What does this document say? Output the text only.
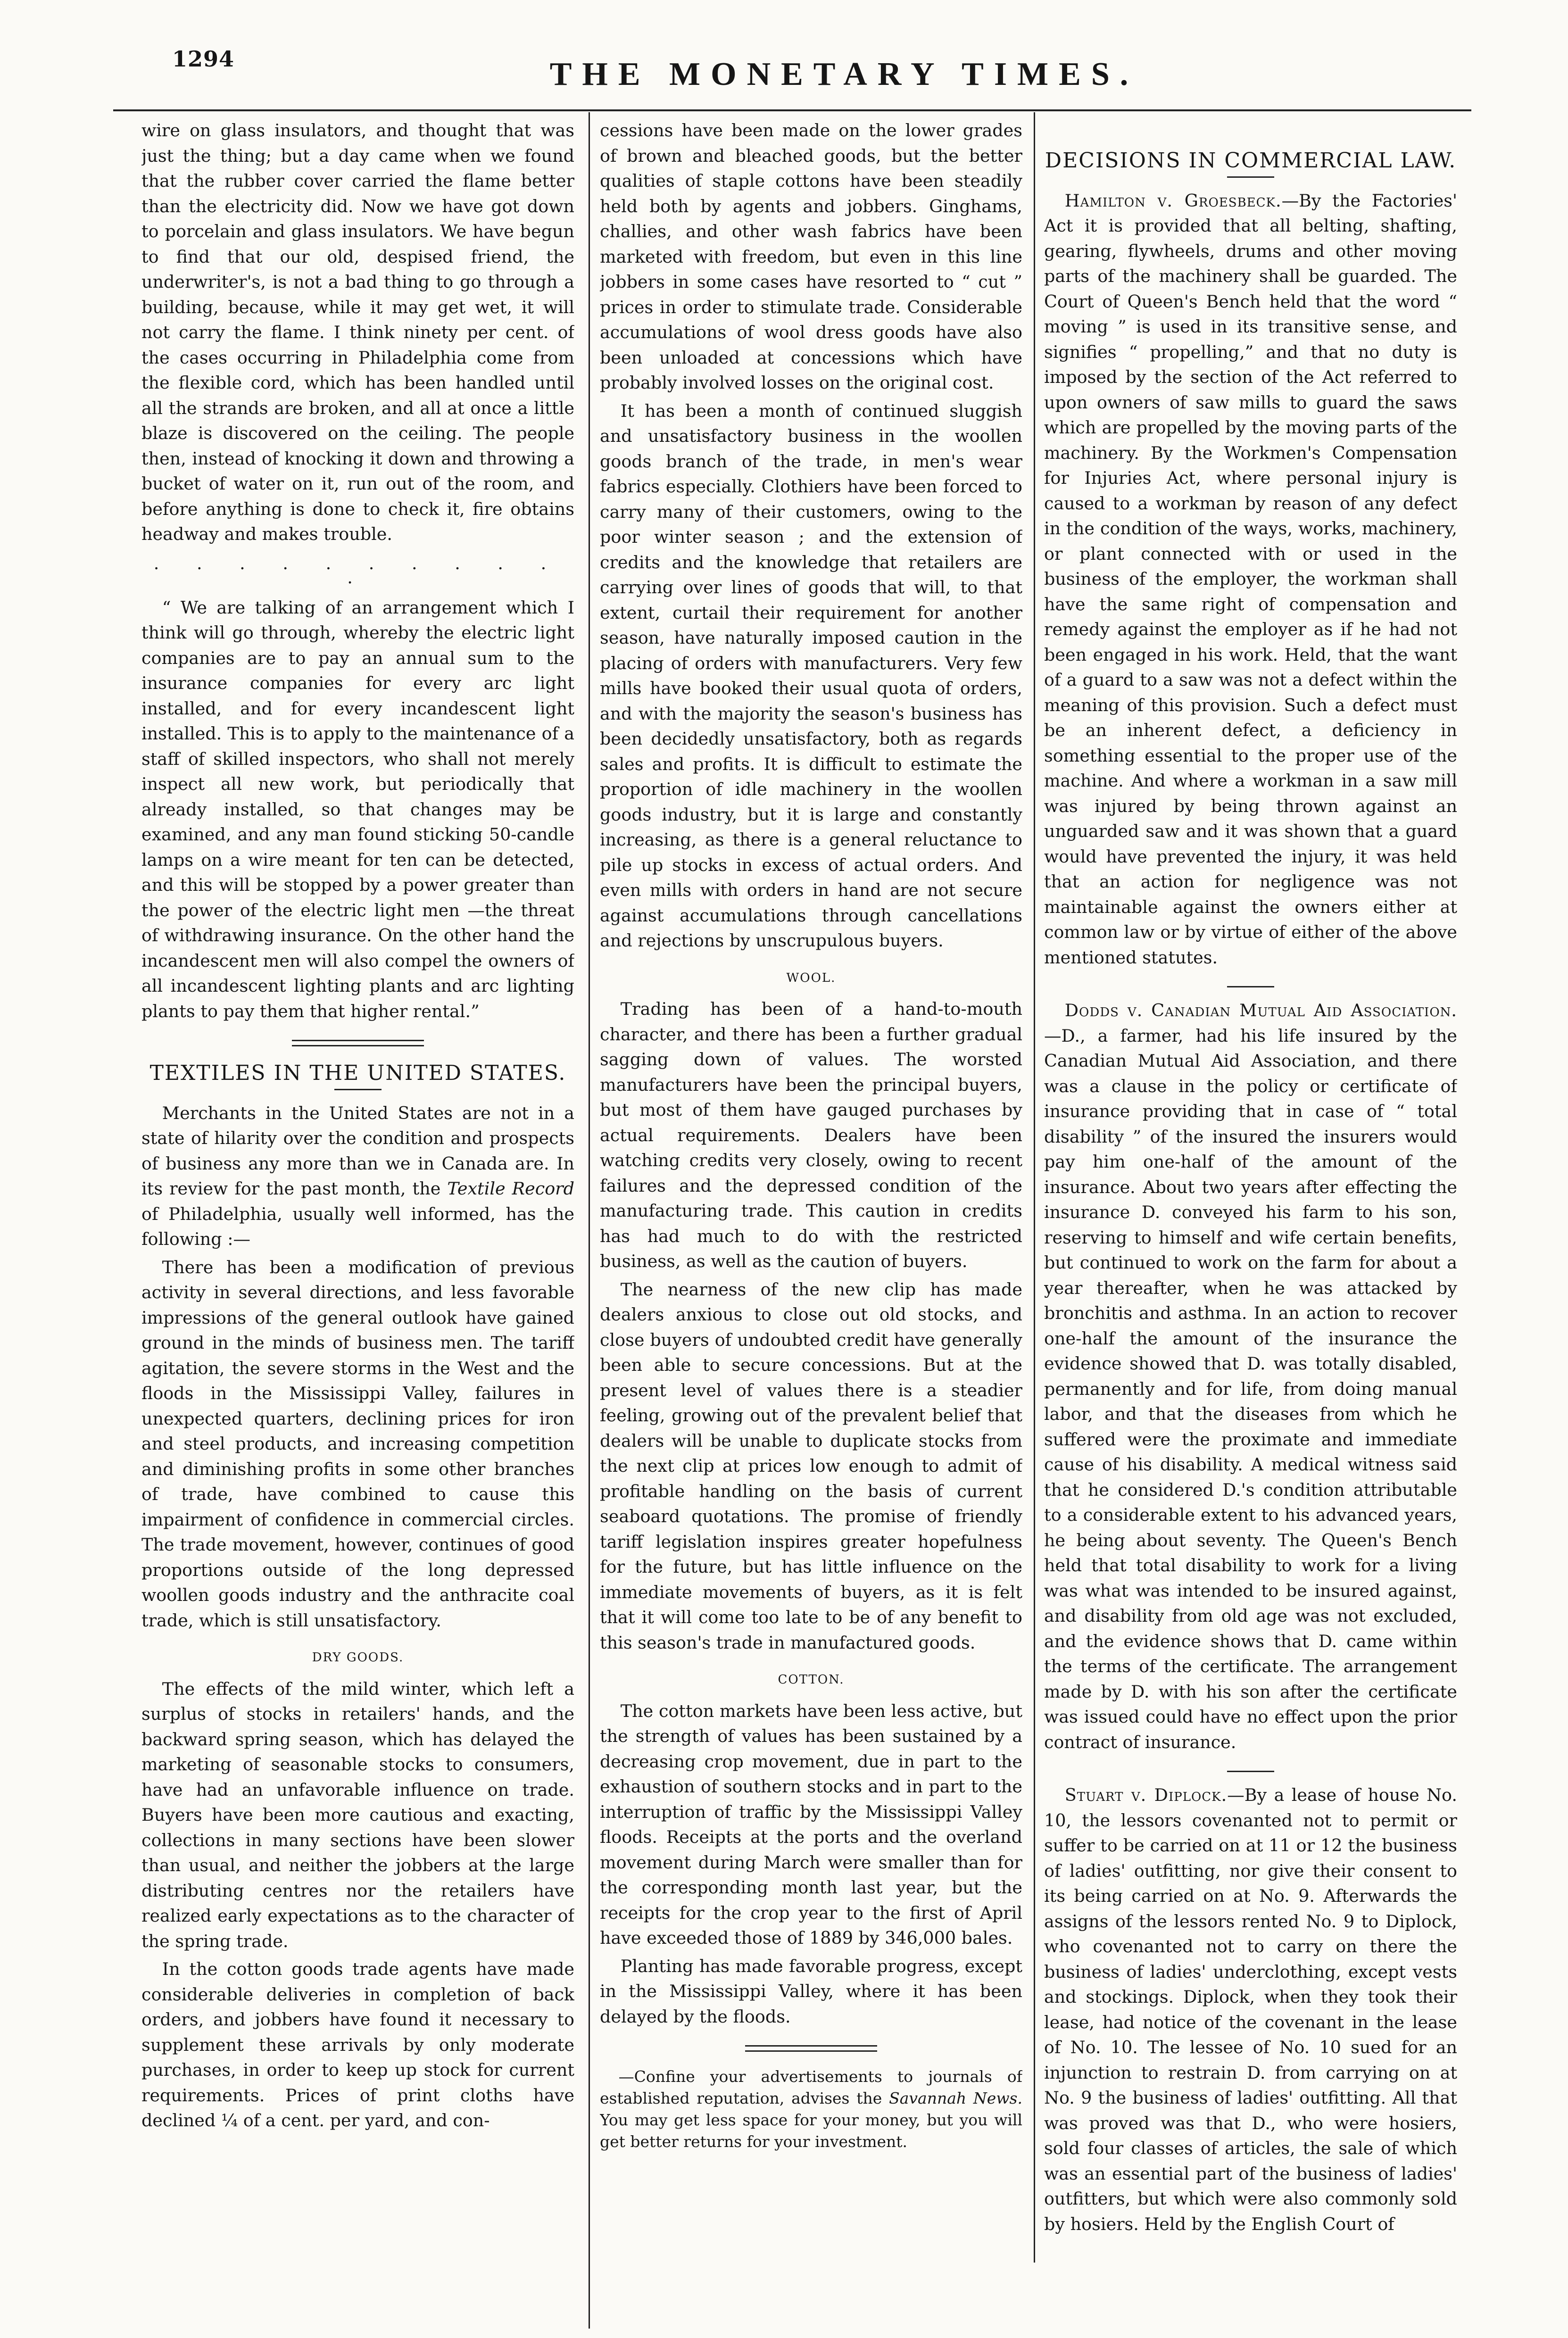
1294	THE MONETARY TIMES.

wire on glass insulators, and thought that was just the thing; but a day came when we found that the rubber cover carried the flame better than the electricity did. Now we have got down to porcelain and glass insulators. We have begun to find that our old, despised friend, the underwriter's, is not a bad thing to go through a building, because, while it may get wet, it will not carry the flame. I think ninety per cent. of the cases occurring in Philadelphia come from the flexible cord, which has been handled until all the strands are broken, and all at once a little blaze is discovered on the ceiling. The people then, instead of knocking it down and throwing a bucket of water on it, run out of the room, and before anything is done to check it, fire obtains headway and makes trouble.

. . . . . . . . . . .

“ We are talking of an arrangement which I think will go through, whereby the electric light companies are to pay an annual sum to the insurance companies for every arc light installed, and for every incandescent light installed. This is to apply to the maintenance of a staff of skilled inspectors, who shall not merely inspect all new work, but periodically that already installed, so that changes may be examined, and any man found sticking 50-candle lamps on a wire meant for ten can be detected, and this will be stopped by a power greater than the power of the electric light men —the threat of withdrawing insurance. On the other hand the incandescent men will also compel the owners of all incandescent lighting plants and arc lighting plants to pay them that higher rental.”

TEXTILES IN THE UNITED STATES.

Merchants in the United States are not in a state of hilarity over the condition and prospects of business any more than we in Canada are. In its review for the past month, the Textile Record of Philadelphia, usually well informed, has the following :—

There has been a modification of previous activity in several directions, and less favorable impressions of the general outlook have gained ground in the minds of business men. The tariff agitation, the severe storms in the West and the floods in the Mississippi Valley, failures in unexpected quarters, declining prices for iron and steel products, and increasing competition and diminishing profits in some other branches of trade, have combined to cause this impairment of confidence in commercial circles. The trade movement, however, continues of good proportions outside of the long depressed woollen goods industry and the anthracite coal trade, which is still unsatisfactory.

DRY GOODS.

The effects of the mild winter, which left a surplus of stocks in retailers' hands, and the backward spring season, which has delayed the marketing of seasonable stocks to consumers, have had an unfavorable influence on trade. Buyers have been more cautious and exacting, collections in many sections have been slower than usual, and neither the jobbers at the large distributing centres nor the retailers have realized early expectations as to the character of the spring trade.

In the cotton goods trade agents have made considerable deliveries in completion of back orders, and jobbers have found it necessary to supplement these arrivals by only moderate purchases, in order to keep up stock for current requirements. Prices of print cloths have declined ¼ of a cent. per yard, and con-

cessions have been made on the lower grades of brown and bleached goods, but the better qualities of staple cottons have been steadily held both by agents and jobbers. Ginghams, challies, and other wash fabrics have been marketed with freedom, but even in this line jobbers in some cases have resorted to “ cut ” prices in order to stimulate trade. Considerable accumulations of wool dress goods have also been unloaded at concessions which have probably involved losses on the original cost.

It has been a month of continued sluggish and unsatisfactory business in the woollen goods branch of the trade, in men's wear fabrics especially. Clothiers have been forced to carry many of their customers, owing to the poor winter season ; and the extension of credits and the knowledge that retailers are carrying over lines of goods that will, to that extent, curtail their requirement for another season, have naturally imposed caution in the placing of orders with manufacturers. Very few mills have booked their usual quota of orders, and with the majority the season's business has been decidedly unsatisfactory, both as regards sales and profits. It is difficult to estimate the proportion of idle machinery in the woollen goods industry, but it is large and constantly increasing, as there is a general reluctance to pile up stocks in excess of actual orders. And even mills with orders in hand are not secure against accumulations through cancellations and rejections by unscrupulous buyers.

WOOL.

Trading has been of a hand-to-mouth character, and there has been a further gradual sagging down of values. The worsted manufacturers have been the principal buyers, but most of them have gauged purchases by actual requirements. Dealers have been watching credits very closely, owing to recent failures and the depressed condition of the manufacturing trade. This caution in credits has had much to do with the restricted business, as well as the caution of buyers.

The nearness of the new clip has made dealers anxious to close out old stocks, and close buyers of undoubted credit have generally been able to secure concessions. But at the present level of values there is a steadier feeling, growing out of the prevalent belief that dealers will be unable to duplicate stocks from the next clip at prices low enough to admit of profitable handling on the basis of current seaboard quotations. The promise of friendly tariff legislation inspires greater hopefulness for the future, but has little influence on the immediate movements of buyers, as it is felt that it will come too late to be of any benefit to this season's trade in manufactured goods.

COTTON.

The cotton markets have been less active, but the strength of values has been sustained by a decreasing crop movement, due in part to the exhaustion of southern stocks and in part to the interruption of traffic by the Mississippi Valley floods. Receipts at the ports and the overland movement during March were smaller than for the corresponding month last year, but the receipts for the crop year to the first of April have exceeded those of 1889 by 346,000 bales.

Planting has made favorable progress, except in the Mississippi Valley, where it has been delayed by the floods.

—Confine your advertisements to journals of established reputation, advises the Savannah News. You may get less space for your money, but you will get better returns for your investment.

DECISIONS IN COMMERCIAL LAW.

Hamilton v. Groesbeck.—By the Factories' Act it is provided that all belting, shafting, gearing, flywheels, drums and other moving parts of the machinery shall be guarded. The Court of Queen's Bench held that the word “ moving ” is used in its transitive sense, and signifies “ propelling,” and that no duty is imposed by the section of the Act referred to upon owners of saw mills to guard the saws which are propelled by the moving parts of the machinery. By the Workmen's Compensation for Injuries Act, where personal injury is caused to a workman by reason of any defect in the condition of the ways, works, machinery, or plant connected with or used in the business of the employer, the workman shall have the same right of compensation and remedy against the employer as if he had not been engaged in his work. Held, that the want of a guard to a saw was not a defect within the meaning of this provision. Such a defect must be an inherent defect, a deficiency in something essential to the proper use of the machine. And where a workman in a saw mill was injured by being thrown against an unguarded saw and it was shown that a guard would have prevented the injury, it was held that an action for negligence was not maintainable against the owners either at common law or by virtue of either of the above mentioned statutes.

Dodds v. Canadian Mutual Aid Association.—D., a farmer, had his life insured by the Canadian Mutual Aid Association, and there was a clause in the policy or certificate of insurance providing that in case of “ total disability ” of the insured the insurers would pay him one-half of the amount of the insurance. About two years after effecting the insurance D. conveyed his farm to his son, reserving to himself and wife certain benefits, but continued to work on the farm for about a year thereafter, when he was attacked by bronchitis and asthma. In an action to recover one-half the amount of the insurance the evidence showed that D. was totally disabled, permanently and for life, from doing manual labor, and that the diseases from which he suffered were the proximate and immediate cause of his disability. A medical witness said that he considered D.'s condition attributable to a considerable extent to his advanced years, he being about seventy. The Queen's Bench held that total disability to work for a living was what was intended to be insured against, and disability from old age was not excluded, and the evidence shows that D. came within the terms of the certificate. The arrangement made by D. with his son after the certificate was issued could have no effect upon the prior contract of insurance.

Stuart v. Diplock.—By a lease of house No. 10, the lessors covenanted not to permit or suffer to be carried on at 11 or 12 the business of ladies' outfitting, nor give their consent to its being carried on at No. 9. Afterwards the assigns of the lessors rented No. 9 to Diplock, who covenanted not to carry on there the business of ladies' underclothing, except vests and stockings. Diplock, when they took their lease, had notice of the covenant in the lease of No. 10. The lessee of No. 10 sued for an injunction to restrain D. from carrying on at No. 9 the business of ladies' outfitting. All that was proved was that D., who were hosiers, sold four classes of articles, the sale of which was an essential part of the business of ladies' outfitters, but which were also commonly sold by hosiers. Held by the English Court of
